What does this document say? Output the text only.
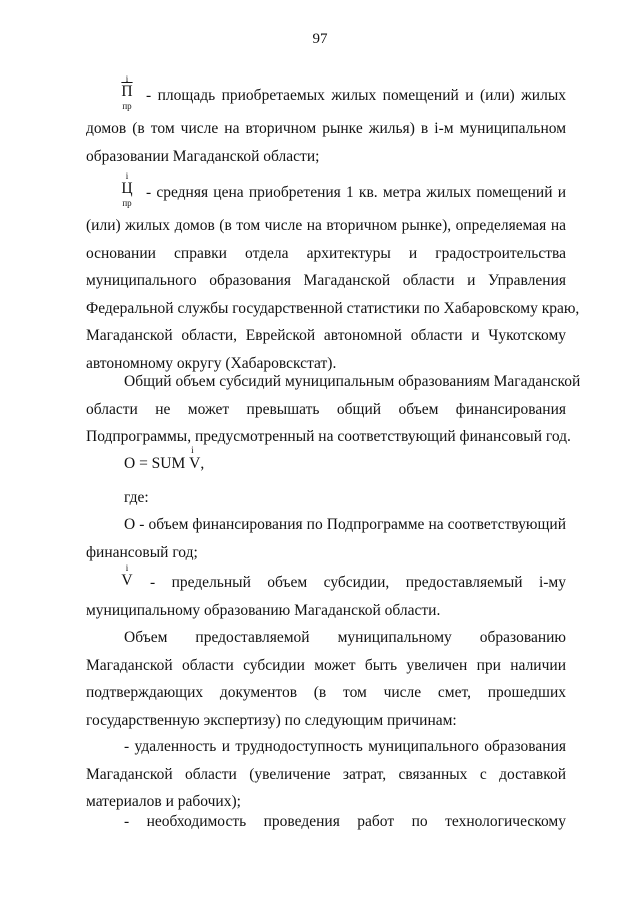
97
i
П
пр
- площадь приобретаемых жилых помещений и (или) жилых
домов (в том числе на вторичном рынке жилья) в i-м муниципальном
образовании Магаданской области;
i
Ц
пр
- средняя цена приобретения 1 кв. метра жилых помещений и
(или) жилых домов (в том числе на вторичном рынке), определяемая на
основании справки отдела архитектуры и градостроительства
муниципального образования Магаданской области и Управления
Федеральной службы государственной статистики по Хабаровскому краю,
Магаданской области, Еврейской автономной области и Чукотскому
автономному округу (Хабаровскстат).
Общий объем субсидий муниципальным образованиям Магаданской
области не может превышать общий объем финансирования
Подпрограммы, предусмотренный на соответствующий финансовый год.
O = SUM
i
V,
где:
O - объем финансирования по Подпрограмме на соответствующий
финансовый год;
i
V	- предельный объем субсидии, предоставляемый i-му
муниципальному образованию Магаданской области.
Объем предоставляемой муниципальному образованию
Магаданской области субсидии может быть увеличен при наличии
подтверждающих документов (в том числе смет, прошедших
государственную экспертизу) по следующим причинам:
- удаленность и труднодоступность муниципального образования
Магаданской области (увеличение затрат, связанных с доставкой
материалов и рабочих);
- необходимость проведения работ по технологическому
